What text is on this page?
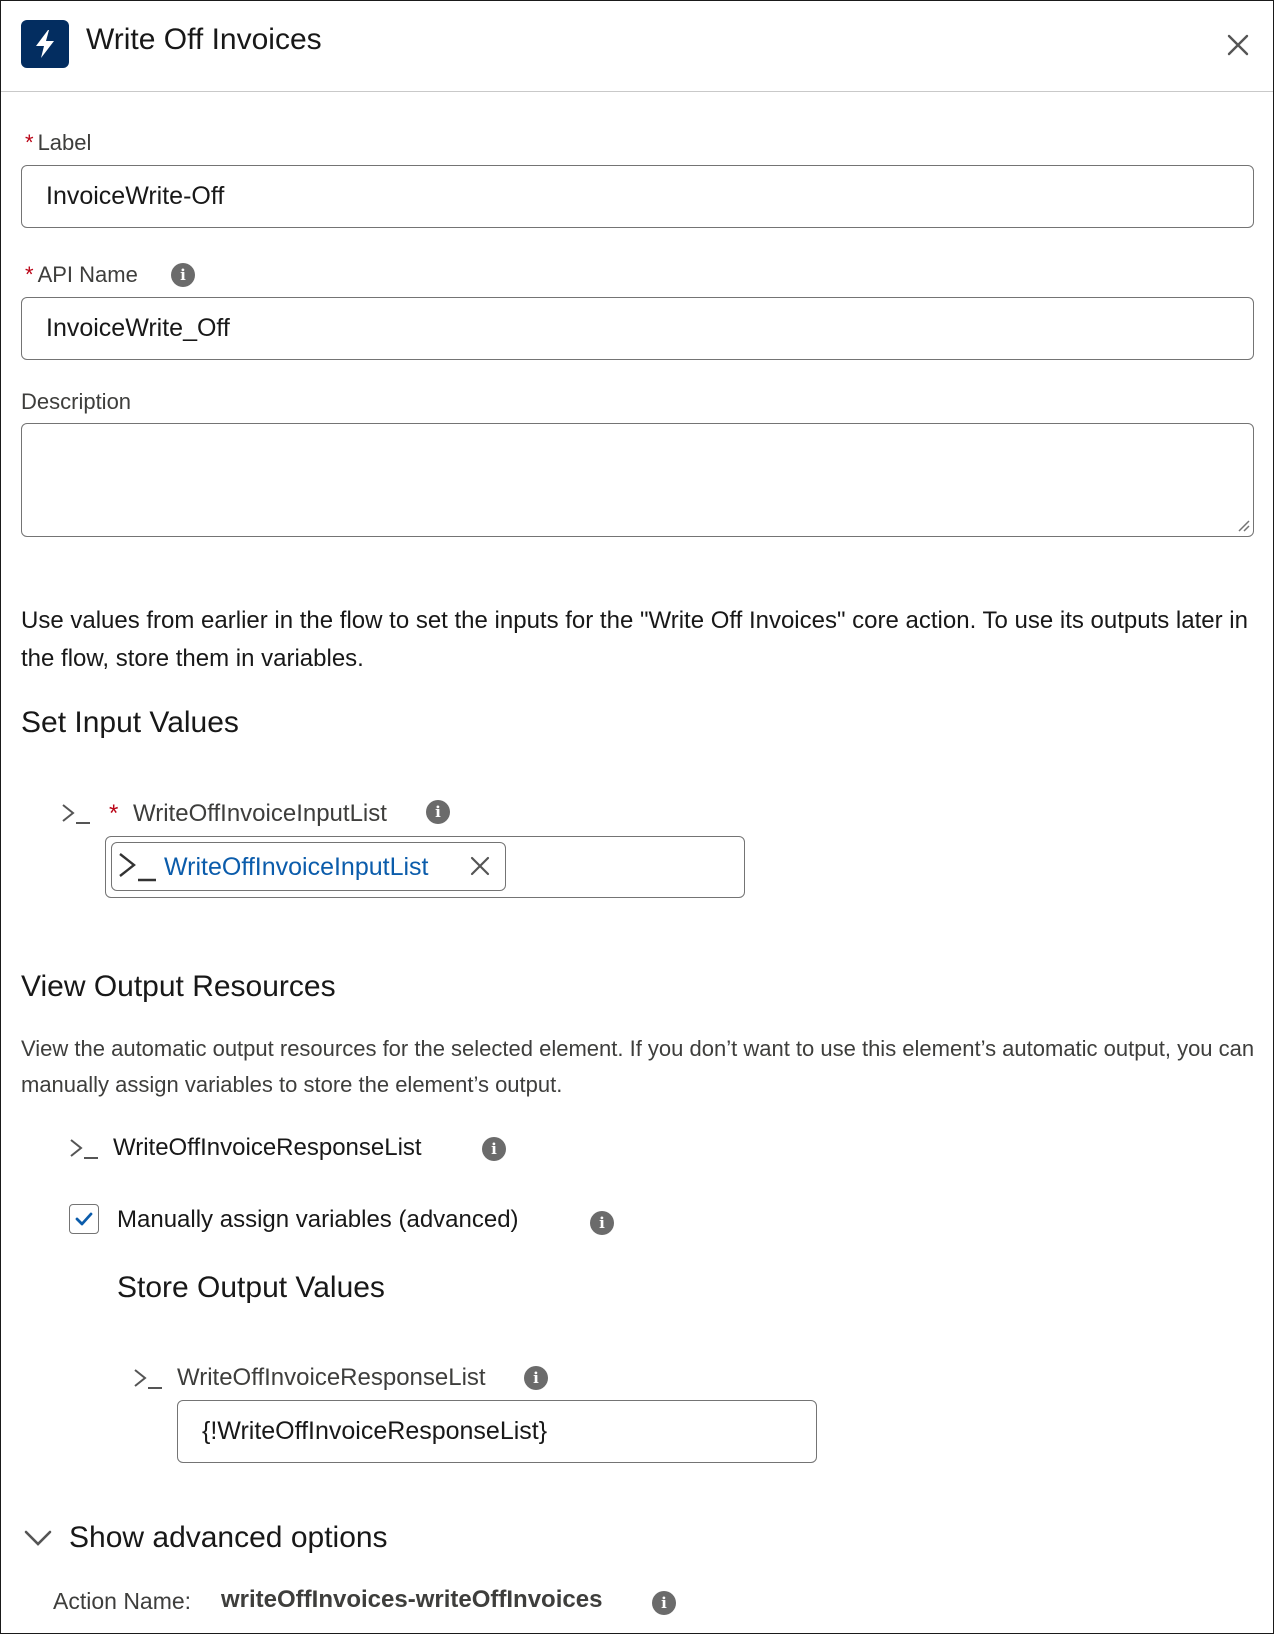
Write Off Invoices
* Label
InvoiceWrite-Off
* API Name	i
InvoiceWrite_Off
Description
Use values from earlier in the flow to set the inputs for the "Write Off Invoices" core action. To use its outputs later in the flow, store them in variables.
Set Input Values
* WriteOffInvoiceInputList	i
WriteOffInvoiceInputList
View Output Resources
View the automatic output resources for the selected element. If you don’t want to use this element’s automatic output, you can manually assign variables to store the element’s output.
WriteOffInvoiceResponseList	i
Manually assign variables (advanced)	i
Store Output Values
WriteOffInvoiceResponseList	i
{!WriteOffInvoiceResponseList}
Show advanced options
Action Name: writeOffInvoices-writeOffInvoices	i
